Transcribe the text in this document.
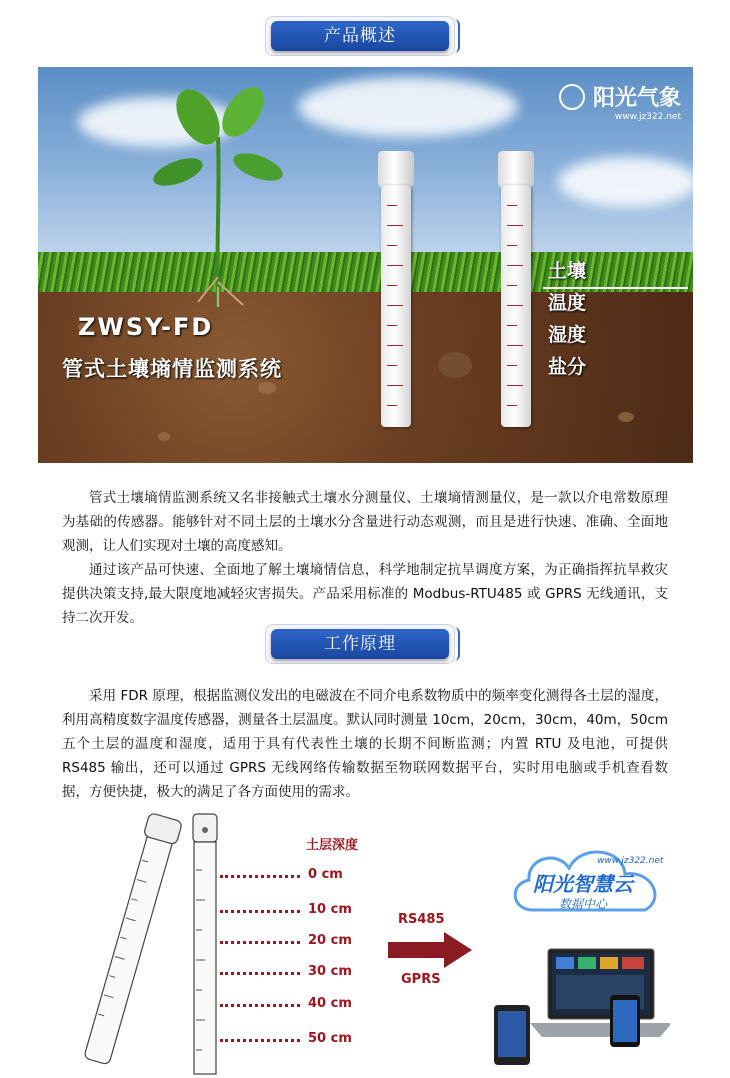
产品概述
阳光气象
www.jz322.net
ZWSY-FD
管式土壤墒情监测系统
土壤
温度
湿度
盐分

管式土壤墒情监测系统又名非接触式土壤水分测量仪、土壤墒情测量仪，是一款以介电常数原理为基础的传感器。能够针对不同土层的土壤水分含量进行动态观测，而且是进行快速、准确、全面地观测，让人们实现对土壤的高度感知。

通过该产品可快速、全面地了解土壤墒情信息，科学地制定抗旱调度方案，为正确指挥抗旱救灾提供决策支持,最大限度地减轻灾害损失。产品采用标准的 Modbus-RTU485 或 GPRS 无线通讯，支持二次开发。

工作原理

采用 FDR 原理，根据监测仪发出的电磁波在不同介电系数物质中的频率变化测得各土层的湿度，利用高精度数字温度传感器，测量各土层温度。默认同时测量 10cm，20cm，30cm，40m，50cm 五个土层的温度和湿度，适用于具有代表性土壤的长期不间断监测；内置 RTU 及电池，可提供 RS485 输出，还可以通过 GPRS 无线网络传输数据至物联网数据平台，实时用电脑或手机查看数据，方便快捷，极大的满足了各方面使用的需求。

土层深度
0 cm
10 cm
20 cm
30 cm
40 cm
50 cm
RS485
GPRS
www.jz322.net
阳光智慧云
数据中心
